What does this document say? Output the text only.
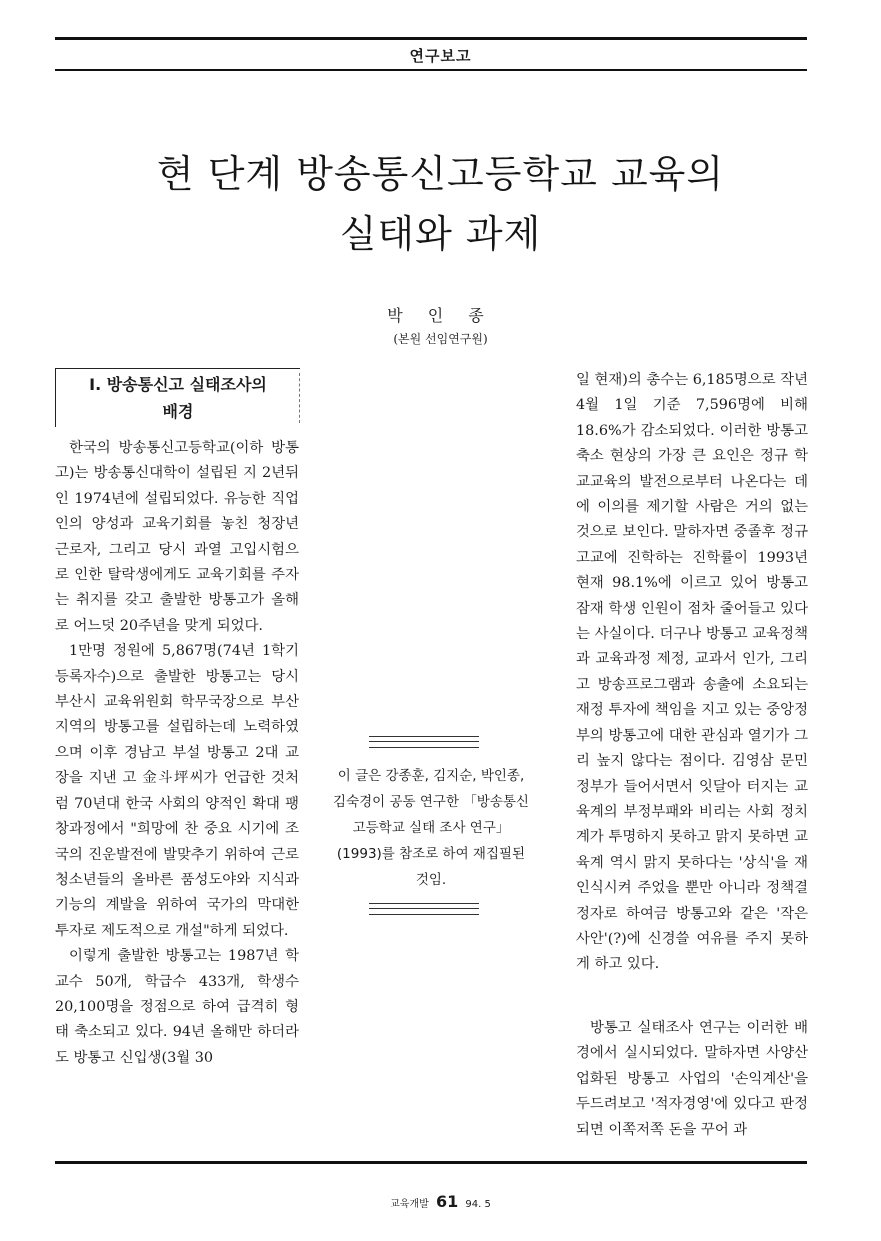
연구보고
현 단계 방송통신고등학교 교육의
실태와 과제
박 인 종
(본원 선임연구원)
Ⅰ. 방송통신고 실태조사의
배경

한국의 방송통신고등학교(이하 방통고)는 방송통신대학이 설립된 지 2년뒤인 1974년에 설립되었다. 유능한 직업인의 양성과 교육기회를 놓친 청장년 근로자, 그리고 당시 과열 고입시험으로 인한 탈락생에게도 교육기회를 주자는 취지를 갖고 출발한 방통고가 올해로 어느덧 20주년을 맞게 되었다.

1만명 정원에 5,867명(74년 1학기 등록자수)으로 출발한 방통고는 당시 부산시 교육위원회 학무국장으로 부산지역의 방통고를 설립하는데 노력하였으며 이후 경남고 부설 방통고 2대 교장을 지낸 고 金斗坪씨가 언급한 것처럼 70년대 한국 사회의 양적인 확대 팽창과정에서 "희망에 찬 중요 시기에 조국의 진운발전에 발맞추기 위하여 근로청소년들의 올바른 품성도야와 지식과 기능의 계발을 위하여 국가의 막대한 투자로 제도적으로 개설"하게 되었다.

이렇게 출발한 방통고는 1987년 학교수 50개, 학급수 433개, 학생수 20,100명을 정점으로 하여 급격히 형태 축소되고 있다. 94년 올해만 하더라도 방통고 신입생(3월 30

이 글은 강종훈, 김지순, 박인종, 김숙경이 공동 연구한 「방송통신고등학교 실태 조사 연구」(1993)를 참조로 하여 재집필된 것임.

일 현재)의 총수는 6,185명으로 작년 4월 1일 기준 7,596명에 비해 18.6%가 감소되었다. 이러한 방통고 축소 현상의 가장 큰 요인은 정규 학교교육의 발전으로부터 나온다는 데에 이의를 제기할 사람은 거의 없는 것으로 보인다. 말하자면 중졸후 정규 고교에 진학하는 진학률이 1993년 현재 98.1%에 이르고 있어 방통고 잠재 학생 인원이 점차 줄어들고 있다는 사실이다. 더구나 방통고 교육정책과 교육과정 제정, 교과서 인가, 그리고 방송프로그램과 송출에 소요되는 재정 투자에 책임을 지고 있는 중앙정부의 방통고에 대한 관심과 열기가 그리 높지 않다는 점이다. 김영삼 문민정부가 들어서면서 잇달아 터지는 교육계의 부정부패와 비리는 사회 정치계가 투명하지 못하고 맑지 못하면 교육계 역시 맑지 못하다는 '상식'을 재인식시켜 주었을 뿐만 아니라 정책결정자로 하여금 방통고와 같은 '작은 사안'(?)에 신경쓸 여유를 주지 못하게 하고 있다.

방통고 실태조사 연구는 이러한 배경에서 실시되었다. 말하자면 사양산업화된 방통고 사업의 '손익계산'을 두드려보고 '적자경영'에 있다고 판정되면 이쪽저쪽 돈을 꾸어 과

교육개발 61 94. 5
